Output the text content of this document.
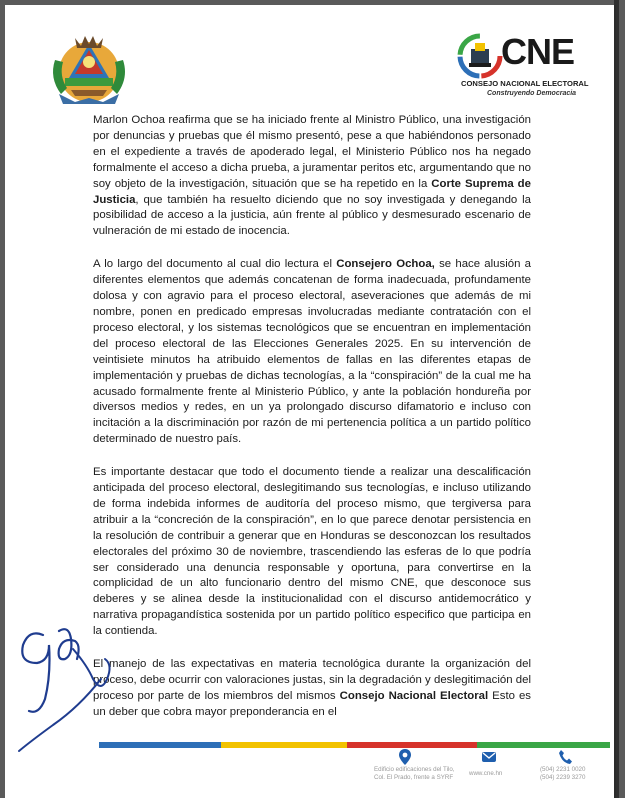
CNE
CONSEJO NACIONAL ELECTORAL
Construyendo Democracia

Marlon Ochoa reafirma que se ha iniciado frente al Ministro Público, una investigación por denuncias y pruebas que él mismo presentó, pese a que habiéndonos personado en el expediente a través de apoderado legal, el Ministerio Público nos ha negado formalmente el acceso a dicha prueba, a juramentar peritos etc, argumentando que no soy objeto de la investigación, situación que se ha repetido en la Corte Suprema de Justicia, que también ha resuelto diciendo que no soy investigada y denegando la posibilidad de acceso a la justicia, aún frente al público y desmesurado escenario de vulneración de mi estado de inocencia.

A lo largo del documento al cual dio lectura el Consejero Ochoa, se hace alusión a diferentes elementos que además concatenan de forma inadecuada, profundamente dolosa y con agravio para el proceso electoral, aseveraciones que además de mi nombre, ponen en predicado empresas involucradas mediante contratación con el proceso electoral, y los sistemas tecnológicos que se encuentran en implementación del proceso electoral de las Elecciones Generales 2025. En su intervención de veintisiete minutos ha atribuido elementos de fallas en las diferentes etapas de implementación y pruebas de dichas tecnologías, a la “conspiración” de la cual me ha acusado formalmente frente al Ministerio Público, y ante la población hondureña por diversos medios y redes, en un ya prolongado discurso difamatorio e incluso con incitación a la discriminación por razón de mi pertenencia política a un partido político determinado de nuestro país.

Es importante destacar que todo el documento tiende a realizar una descalificación anticipada del proceso electoral, deslegitimando sus tecnologías, e incluso utilizando de forma indebida informes de auditoría del proceso mismo, que tergiversa para atribuir a la “concreción de la conspiración”, en lo que parece denotar persistencia en la resolución de contribuir a generar que en Honduras se desconozcan los resultados electorales del próximo 30 de noviembre, trascendiendo las esferas de lo que podría ser considerado una denuncia responsable y oportuna, para convertirse en la complicidad de un alto funcionario dentro del mismo CNE, que desconoce sus deberes y se alinea desde la institucionalidad con el discurso antidemocrático y narrativa propagandística sostenida por un partido político especifico que participa en la contienda.

El manejo de las expectativas en materia tecnológica durante la organización del proceso, debe ocurrir con valoraciones justas, sin la degradación y deslegitimación del proceso por parte de los miembros del mismos Consejo Nacional Electoral Esto es un deber que cobra mayor preponderancia en el

Edificio edificaciones del Tilo,
Col. El Prado, frente a SYRF
www.cne.hn
(504) 2231 0020
(504) 2239 3270
